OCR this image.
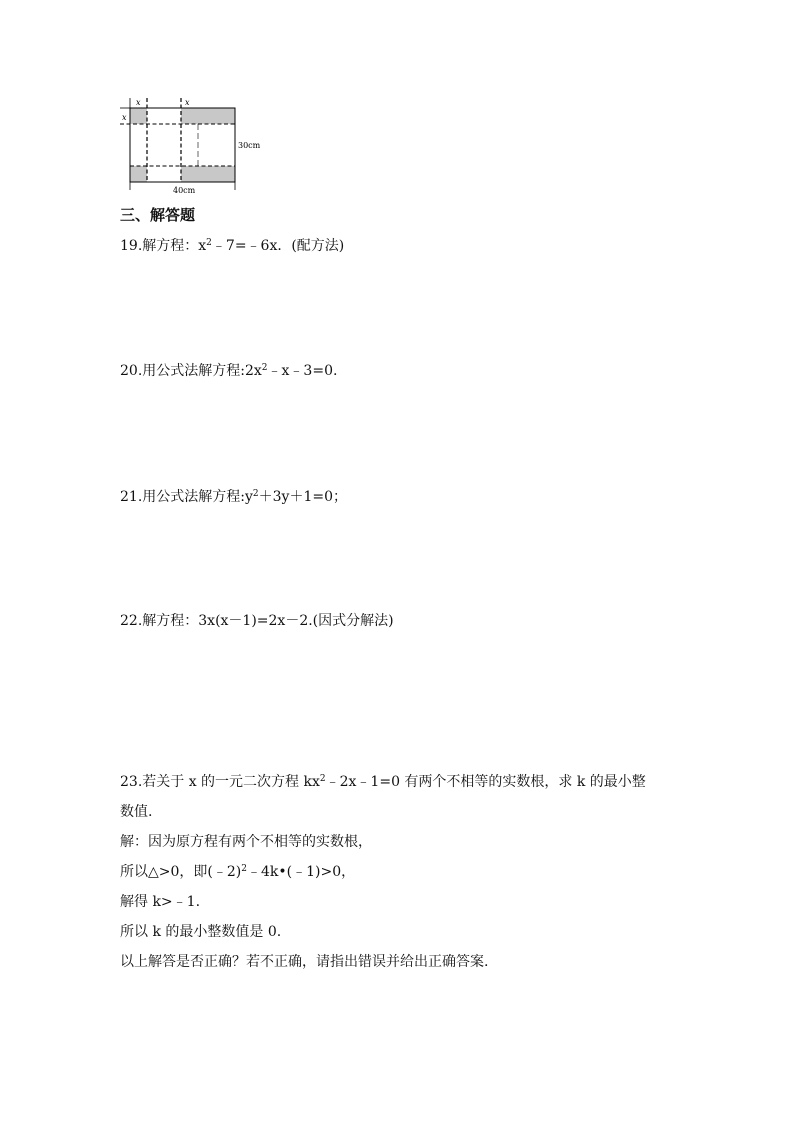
x	x
x
30cm
40cm
三、解答题

19.解方程：$x^2﹣7=﹣6x$．(配方法)

20.用公式法解方程$:2x^2﹣x﹣3=0$.

21.用公式法解方程$:y^2+3y+1=0$；

22.解方程：3x(x－1)=2x－2.(因式分解法)

23.若关于 x 的一元二次方程 $kx^2﹣2x﹣1=0$ 有两个不相等的实数根，求 k 的最小整
数值.
解：因为原方程有两个不相等的实数根，
所以△>0，即(﹣2)$^2$﹣4k•(﹣1)>0，
解得 k>﹣1.
所以 k 的最小整数值是 0.
以上解答是否正确？若不正确，请指出错误并给出正确答案.
